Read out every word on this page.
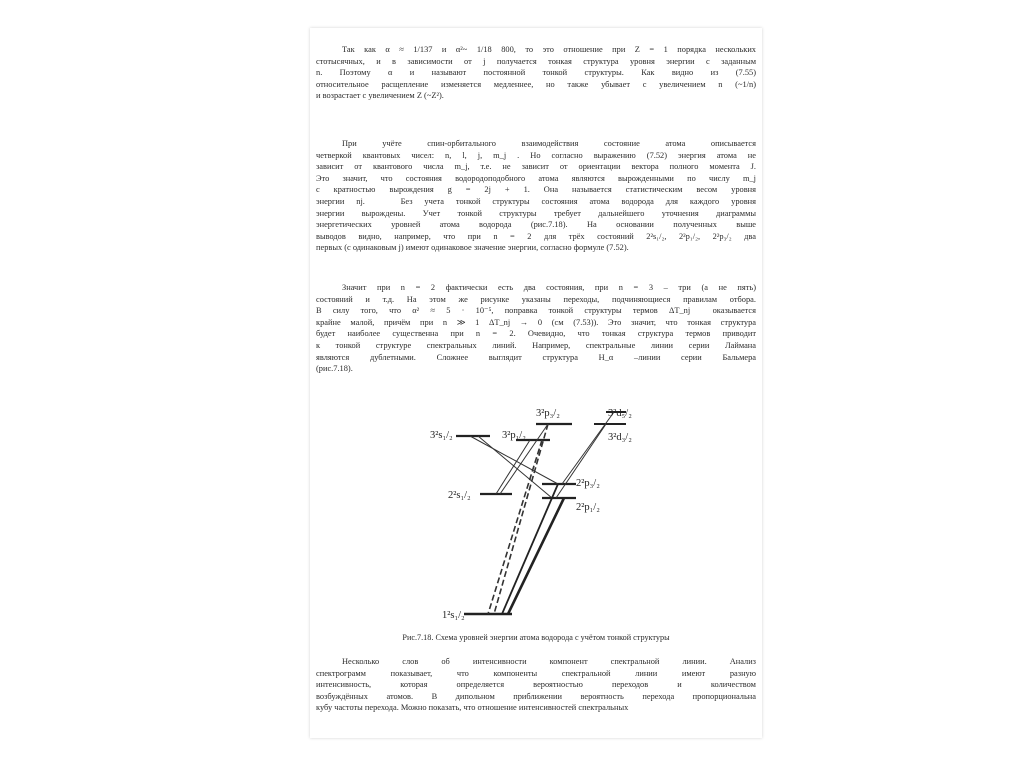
Так как α ≈ 1/137 и α²~ 1/18 800, то это отношение при Z = 1 порядка нескольких
стотысячных, и в зависимости от j получается тонкая структура уровня энергии с заданным
n. Поэтому α и называют постоянной тонкой структуры. Как видно из (7.55)
относительное расщепление изменяется медленнее, но также убывает с увеличением n (~1/n)
и возрастает с увеличением Z (~Z²).
При учёте спин-орбитального взаимодействия состояние атома описывается
четверкой квантовых чисел: n, l, j, m_j . Но согласно выражению (7.52) энергия атома не
зависит от квантового числа m_j, т.е. не зависит от ориентации вектора полного момента J.
Это значит, что состояния водородоподобного атома являются вырожденными по числу m_j
с кратностью вырождения g = 2j + 1. Она называется статистическим весом уровня
энергии nj.   Без учета тонкой структуры состояния атома водорода для каждого уровня
энергии вырождены. Учет тонкой структуры требует дальнейшего уточнения диаграммы
энергетических уровней атома водорода (рис.7.18). На основании полученных выше
выводов видно, например, что при n = 2 для трёх состояний 2²s₁/₂, 2²p₁/₂, 2²p₃/₂ два
первых (с одинаковым j) имеют одинаковое значение энергии, согласно формуле (7.52).
Значит при n = 2 фактически есть два состояния, при n = 3 – три (а не пять)
состояний и т.д. На этом же рисунке указаны переходы, подчиняющиеся правилам отбора.
В силу того, что α² ≈ 5 · 10⁻⁵, поправка тонкой структуры термов ΔT_nj  оказывается
крайне малой, причём при n ≫ 1 ΔT_nj → 0 (см (7.53)). Это значит, что тонкая структура
будет наиболее существенна при n = 2. Очевидно, что тонкая структура термов приводит
к тонкой структуре спектральных линий. Например, спектральные линии серии Лаймана
являются дублетными. Сложнее выглядит структура H_α –линии серии Бальмера
(рис.7.18).
3²s₁/₂	3²p₁/₂
3²p₃/₂	3²d₅/₂
3²d₃/₂
2²s₁/₂
2²p₃/₂
2²p₁/₂
1²s₁/₂
Рис.7.18. Схема уровней энергии атома водорода с учётом тонкой структуры
Несколько слов об интенсивности компонент спектральной линии. Анализ
спектрограмм показывает, что компоненты спектральной линии имеют разную
интенсивность, которая определяется вероятностью переходов и количеством
возбуждённых атомов. В дипольном приближении вероятность перехода пропорциональна
кубу частоты перехода. Можно показать, что отношение интенсивностей спектральных
